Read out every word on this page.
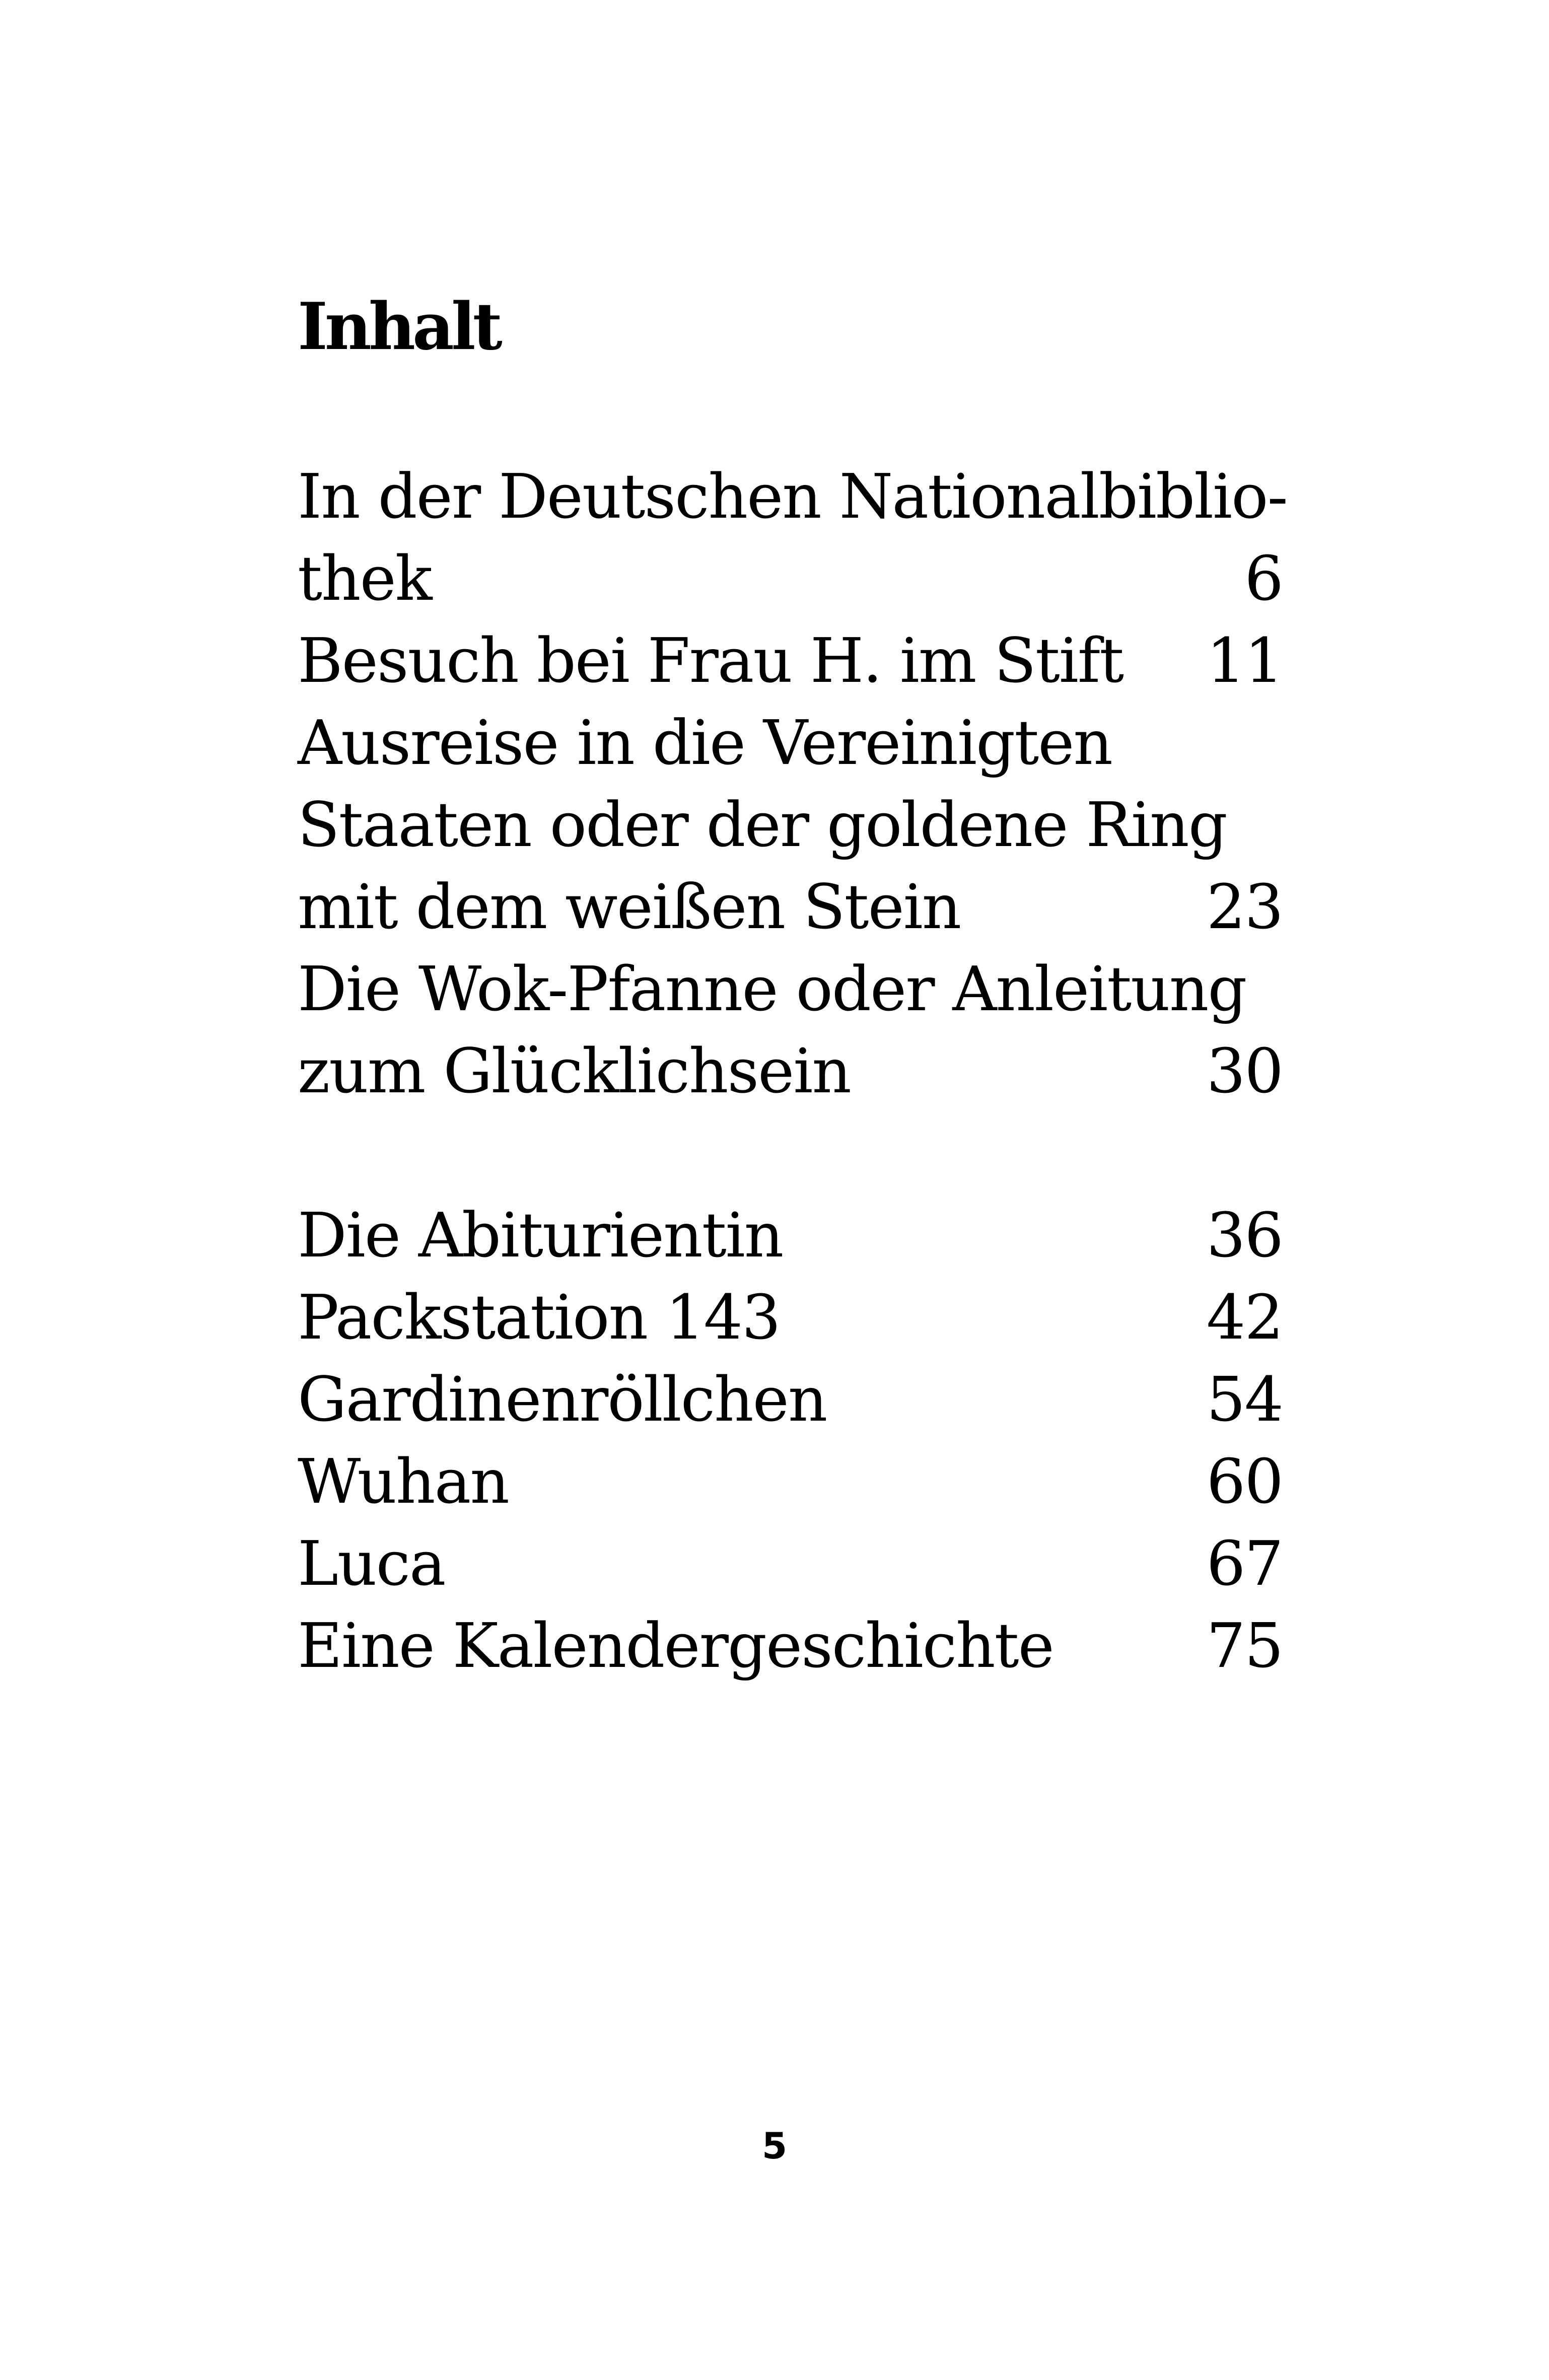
Inhalt
In der Deutschen Nationalbiblio-
thek	6
Besuch bei Frau H. im Stift 11
Ausreise in die Vereinigten
Staaten oder der goldene Ring
mit dem weißen Stein	23
Die Wok-Pfanne oder Anleitung
zum Glücklichsein	30
Die Abiturientin	36
Packstation 143	42
Gardinenröllchen	54
Wuhan	60
Luca	67
Eine Kalendergeschichte 75
5
